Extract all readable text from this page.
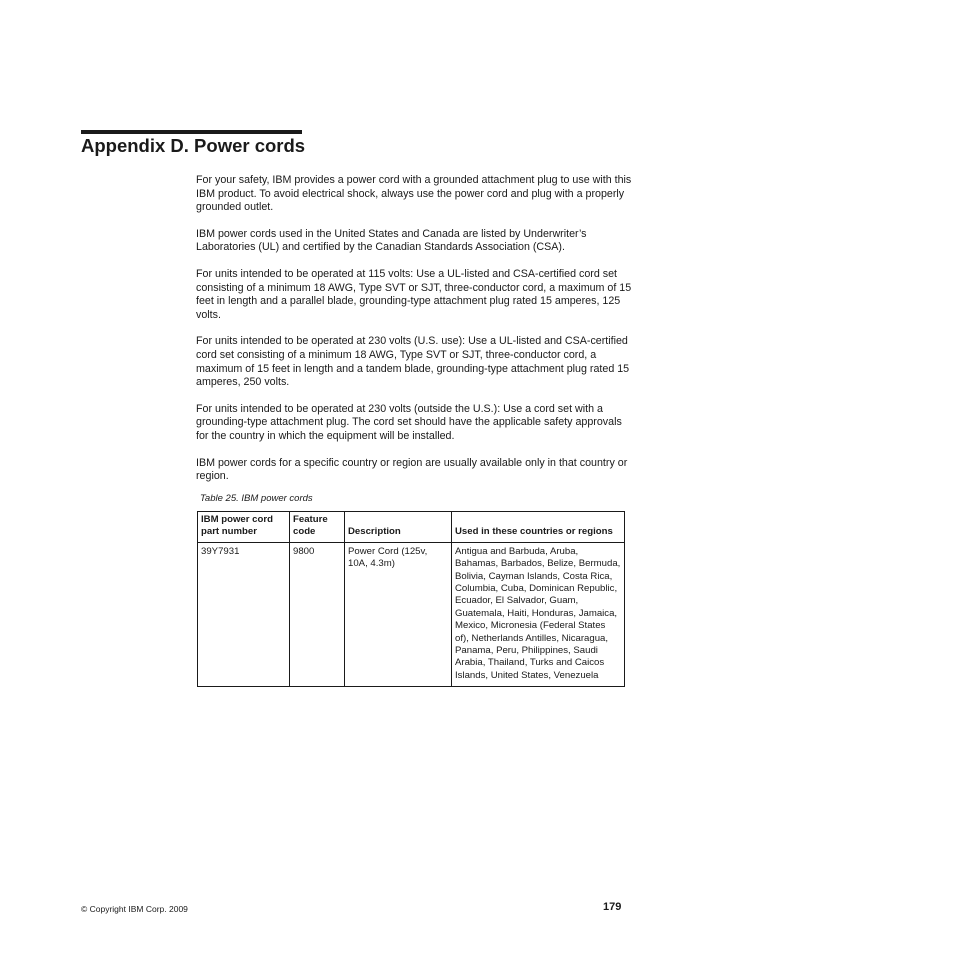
Appendix D. Power cords

For your safety, IBM provides a power cord with a grounded attachment plug to use with this IBM product. To avoid electrical shock, always use the power cord and plug with a properly grounded outlet.

IBM power cords used in the United States and Canada are listed by Underwriter’s Laboratories (UL) and certified by the Canadian Standards Association (CSA).

For units intended to be operated at 115 volts: Use a UL-listed and CSA-certified cord set consisting of a minimum 18 AWG, Type SVT or SJT, three-conductor cord, a maximum of 15 feet in length and a parallel blade, grounding-type attachment plug rated 15 amperes, 125 volts.

For units intended to be operated at 230 volts (U.S. use): Use a UL-listed and CSA-certified cord set consisting of a minimum 18 AWG, Type SVT or SJT, three-conductor cord, a maximum of 15 feet in length and a tandem blade, grounding-type attachment plug rated 15 amperes, 250 volts.

For units intended to be operated at 230 volts (outside the U.S.): Use a cord set with a grounding-type attachment plug. The cord set should have the applicable safety approvals for the country in which the equipment will be installed.

IBM power cords for a specific country or region are usually available only in that country or region.

Table 25. IBM power cords
IBM power cord part number	Feature code	Description	Used in these countries or regions
39Y7931	9800	Power Cord (125v, 10A, 4.3m)	Antigua and Barbuda, Aruba, Bahamas, Barbados, Belize, Bermuda, Bolivia, Cayman Islands, Costa Rica, Columbia, Cuba, Dominican Republic, Ecuador, El Salvador, Guam, Guatemala, Haiti, Honduras, Jamaica, Mexico, Micronesia (Federal States of), Netherlands Antilles, Nicaragua, Panama, Peru, Philippines, Saudi Arabia, Thailand, Turks and Caicos Islands, United States, Venezuela
© Copyright IBM Corp. 2009	179
